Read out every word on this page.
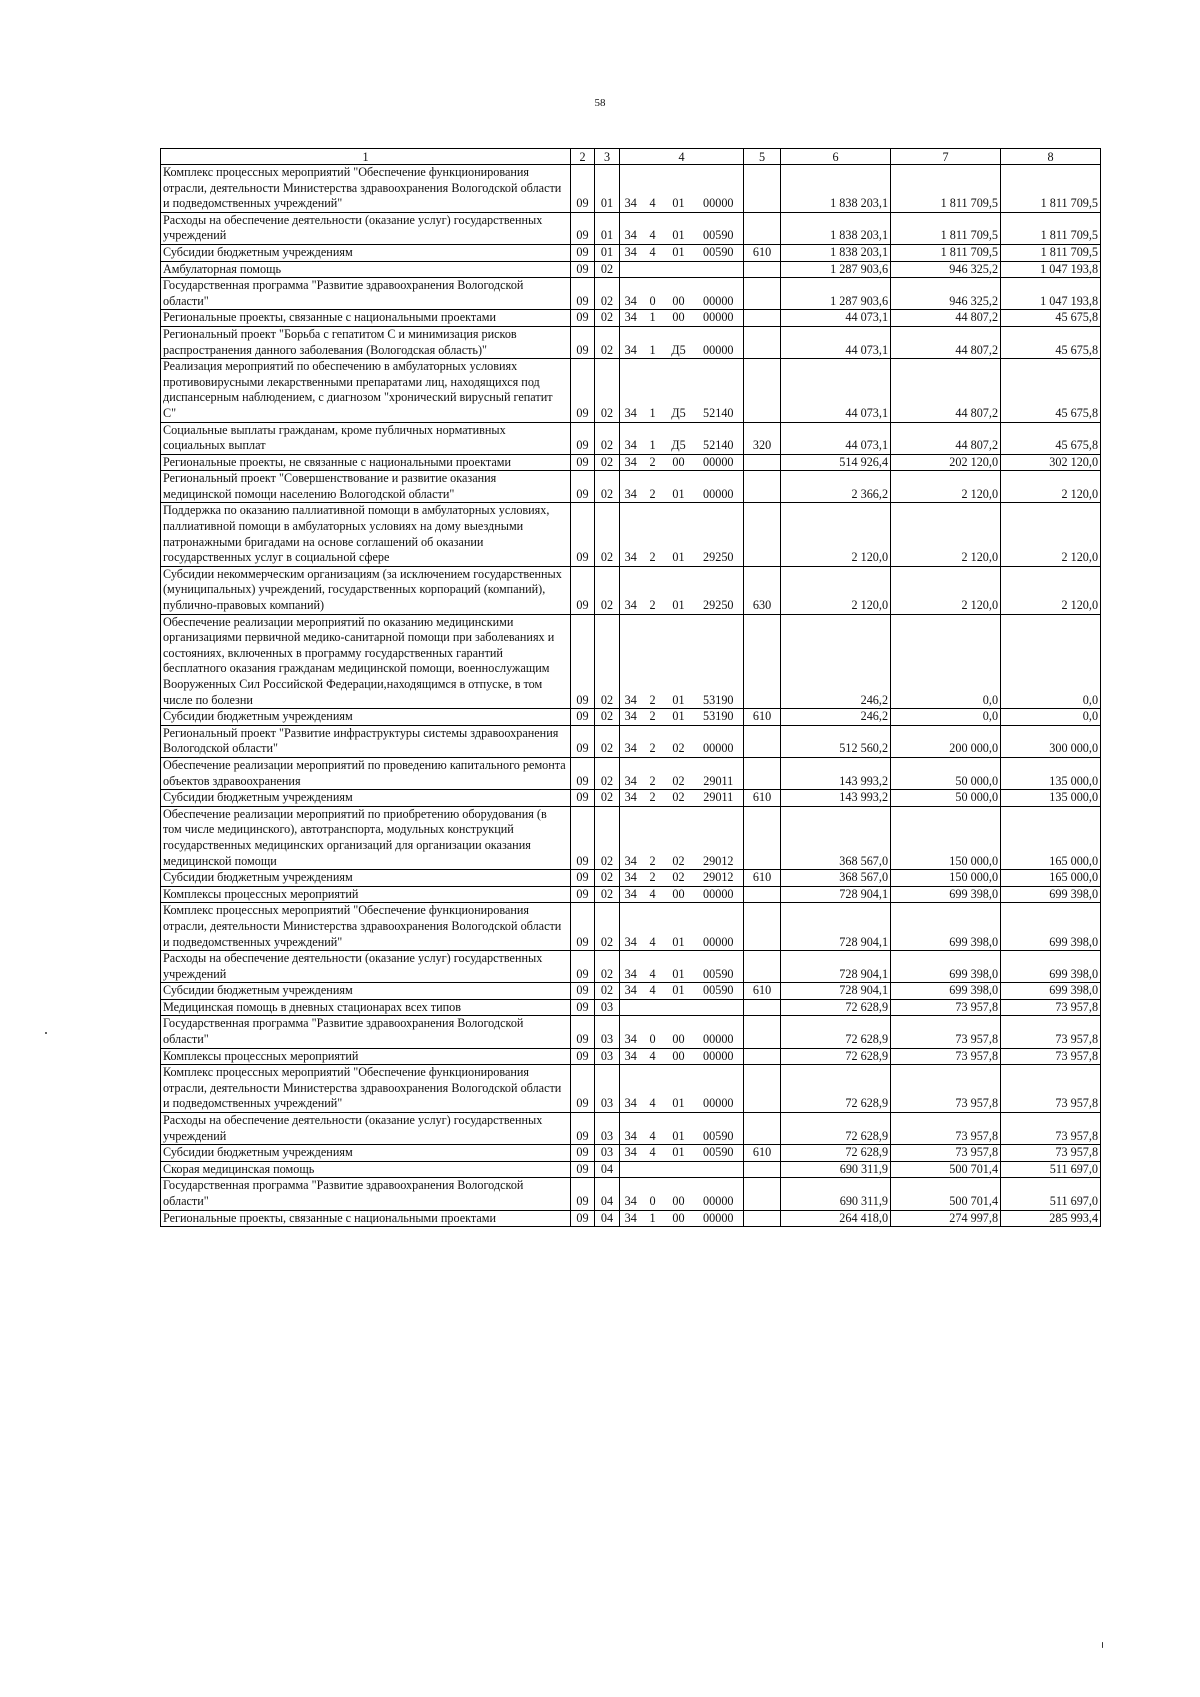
58
1	2	3	4				5	6	7	8
Комплекс процессных мероприятий "Обеспечение функционирования отрасли, деятельности Министерства здравоохранения Вологодской области и подведомственных учреждений"	09	01	34	4	01	00000		1 838 203,1	1 811 709,5	1 811 709,5
Расходы на обеспечение деятельности (оказание услуг) государственных учреждений	09	01	34	4	01	00590		1 838 203,1	1 811 709,5	1 811 709,5
Субсидии бюджетным учреждениям	09	01	34	4	01	00590	610	1 838 203,1	1 811 709,5	1 811 709,5
Амбулаторная помощь	09	02						1 287 903,6	946 325,2	1 047 193,8
Государственная программа "Развитие здравоохранения Вологодской области"	09	02	34	0	00	00000		1 287 903,6	946 325,2	1 047 193,8
Региональные проекты, связанные с национальными проектами	09	02	34	1	00	00000		44 073,1	44 807,2	45 675,8
Региональный проект "Борьба с гепатитом С и минимизация рисков распространения данного заболевания (Вологодская область)"	09	02	34	1	Д5	00000		44 073,1	44 807,2	45 675,8
Реализация мероприятий по обеспечению в амбулаторных условиях противовирусными лекарственными препаратами лиц, находящихся под диспансерным наблюдением, с диагнозом "хронический вирусный гепатит С"	09	02	34	1	Д5	52140		44 073,1	44 807,2	45 675,8
Социальные выплаты гражданам, кроме публичных нормативных социальных выплат	09	02	34	1	Д5	52140	320	44 073,1	44 807,2	45 675,8
Региональные проекты, не связанные с национальными проектами	09	02	34	2	00	00000		514 926,4	202 120,0	302 120,0
Региональный проект "Совершенствование и развитие оказания медицинской помощи населению Вологодской области"	09	02	34	2	01	00000		2 366,2	2 120,0	2 120,0
Поддержка по оказанию паллиативной помощи в амбулаторных условиях, паллиативной помощи в амбулаторных условиях на дому выездными патронажными бригадами на основе соглашений об оказании государственных услуг в социальной сфере	09	02	34	2	01	29250		2 120,0	2 120,0	2 120,0
Субсидии некоммерческим организациям (за исключением государственных (муниципальных) учреждений, государственных корпораций (компаний), публично-правовых компаний)	09	02	34	2	01	29250	630	2 120,0	2 120,0	2 120,0
Обеспечение реализации мероприятий по оказанию медицинскими организациями первичной медико-санитарной помощи при заболеваниях и состояниях, включенных в программу государственных гарантий бесплатного оказания гражданам медицинской помощи, военнослужащим Вооруженных Сил Российской Федерации,находящимся в отпуске, в том числе по болезни	09	02	34	2	01	53190		246,2	0,0	0,0
Субсидии бюджетным учреждениям	09	02	34	2	01	53190	610	246,2	0,0	0,0
Региональный проект "Развитие инфраструктуры системы здравоохранения Вологодской области"	09	02	34	2	02	00000		512 560,2	200 000,0	300 000,0
Обеспечение реализации мероприятий по проведению капитального ремонта объектов здравоохранения	09	02	34	2	02	29011		143 993,2	50 000,0	135 000,0
Субсидии бюджетным учреждениям	09	02	34	2	02	29011	610	143 993,2	50 000,0	135 000,0
Обеспечение реализации мероприятий по приобретению оборудования (в том числе медицинского), автотранспорта, модульных конструкций государственных медицинских организаций для организации оказания медицинской помощи	09	02	34	2	02	29012		368 567,0	150 000,0	165 000,0
Субсидии бюджетным учреждениям	09	02	34	2	02	29012	610	368 567,0	150 000,0	165 000,0
Комплексы процессных мероприятий	09	02	34	4	00	00000		728 904,1	699 398,0	699 398,0
Комплекс процессных мероприятий "Обеспечение функционирования отрасли, деятельности Министерства здравоохранения Вологодской области и подведомственных учреждений"	09	02	34	4	01	00000		728 904,1	699 398,0	699 398,0
Расходы на обеспечение деятельности (оказание услуг) государственных учреждений	09	02	34	4	01	00590		728 904,1	699 398,0	699 398,0
Субсидии бюджетным учреждениям	09	02	34	4	01	00590	610	728 904,1	699 398,0	699 398,0
Медицинская помощь в дневных стационарах всех типов	09	03						72 628,9	73 957,8	73 957,8
Государственная программа "Развитие здравоохранения Вологодской области"	09	03	34	0	00	00000		72 628,9	73 957,8	73 957,8
Комплексы процессных мероприятий	09	03	34	4	00	00000		72 628,9	73 957,8	73 957,8
Комплекс процессных мероприятий "Обеспечение функционирования отрасли, деятельности Министерства здравоохранения Вологодской области и подведомственных учреждений"	09	03	34	4	01	00000		72 628,9	73 957,8	73 957,8
Расходы на обеспечение деятельности (оказание услуг) государственных учреждений	09	03	34	4	01	00590		72 628,9	73 957,8	73 957,8
Субсидии бюджетным учреждениям	09	03	34	4	01	00590	610	72 628,9	73 957,8	73 957,8
Скорая медицинская помощь	09	04						690 311,9	500 701,4	511 697,0
Государственная программа "Развитие здравоохранения Вологодской области"	09	04	34	0	00	00000		690 311,9	500 701,4	511 697,0
Региональные проекты, связанные с национальными проектами	09	04	34	1	00	00000		264 418,0	274 997,8	285 993,4
